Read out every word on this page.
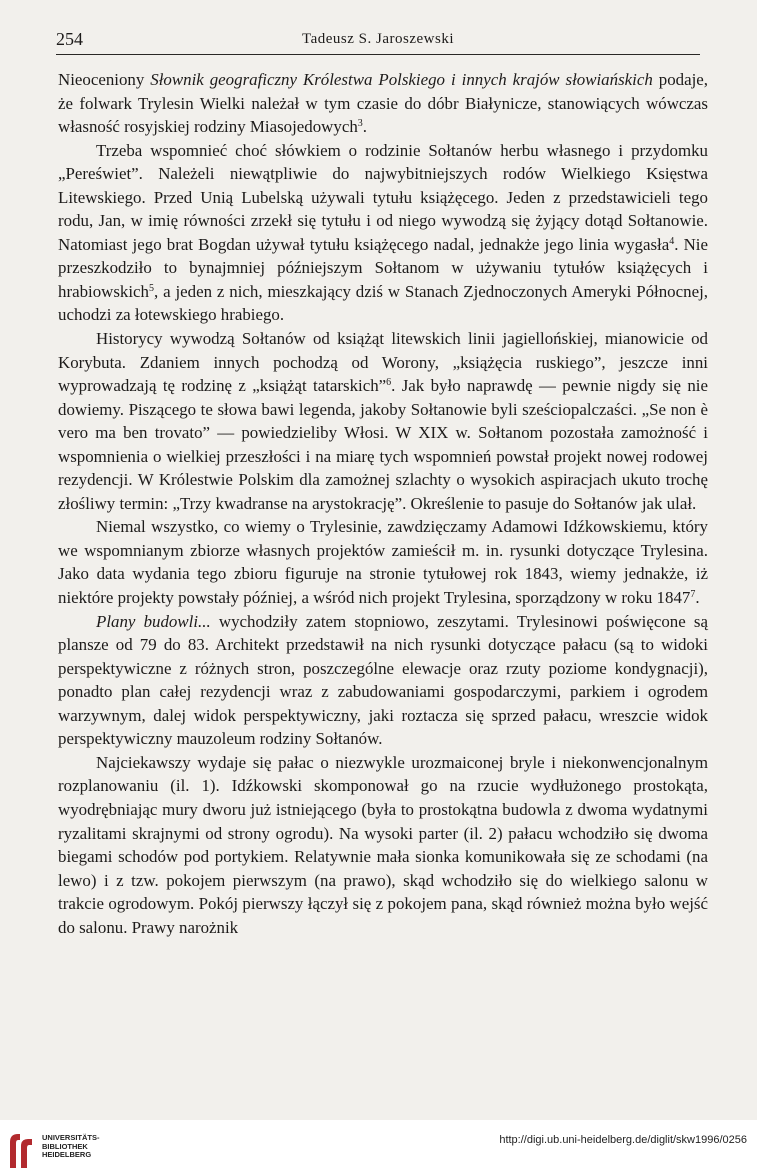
254	Tadeusz S. Jaroszewski

Nieoceniony Słownik geograficzny Królestwa Polskiego i innych krajów słowiańskich podaje, że folwark Trylesin Wielki należał w tym czasie do dóbr Białynicze, stanowiących wówczas własność rosyjskiej rodziny Miasojedowych$^3$.

Trzeba wspomnieć choć słówkiem o rodzinie Sołtanów herbu własnego i przydomku „Pereświet”. Należeli niewątpliwie do najwybitniejszych rodów Wielkiego Księstwa Litewskiego. Przed Unią Lubelską używali tytułu książęcego. Jeden z przedstawicieli tego rodu, Jan, w imię równości zrzekł się tytułu i od niego wywodzą się żyjący dotąd Sołtanowie. Natomiast jego brat Bogdan używał tytułu książęcego nadal, jednakże jego linia wygasła$^4$. Nie przeszkodziło to bynajmniej późniejszym Sołtanom w używaniu tytułów książęcych i hrabiowskich$^5$, a jeden z nich, mieszkający dziś w Stanach Zjednoczonych Ameryki Północnej, uchodzi za łotewskiego hrabiego.

Historycy wywodzą Sołtanów od książąt litewskich linii jagiellońskiej, mianowicie od Korybuta. Zdaniem innych pochodzą od Worony, „książęcia ruskiego”, jeszcze inni wyprowadzają tę rodzinę z „książąt tatarskich”$^6$. Jak było naprawdę — pewnie nigdy się nie dowiemy. Piszącego te słowa bawi legenda, jakoby Sołtanowie byli sześciopalczaści. „Se non è vero ma ben trovato” — powiedzieliby Włosi. W XIX w. Sołtanom pozostała zamożność i wspomnienia o wielkiej przeszłości i na miarę tych wspomnień powstał projekt nowej rodowej rezydencji. W Królestwie Polskim dla zamożnej szlachty o wysokich aspiracjach ukuto trochę złośliwy termin: „Trzy kwadranse na arystokrację”. Określenie to pasuje do Sołtanów jak ulał.

Niemal wszystko, co wiemy o Trylesinie, zawdzięczamy Adamowi Idźkowskiemu, który we wspomnianym zbiorze własnych projektów zamieścił m. in. rysunki dotyczące Trylesina. Jako data wydania tego zbioru figuruje na stronie tytułowej rok 1843, wiemy jednakże, iż niektóre projekty powstały później, a wśród nich projekt Trylesina, sporządzony w roku 1847$^7$.

Plany budowli... wychodziły zatem stopniowo, zeszytami. Trylesinowi poświęcone są plansze od 79 do 83. Architekt przedstawił na nich rysunki dotyczące pałacu (są to widoki perspektywiczne z różnych stron, poszczególne elewacje oraz rzuty poziome kondygnacji), ponadto plan całej rezydencji wraz z zabudowaniami gospodarczymi, parkiem i ogrodem warzywnym, dalej widok perspektywiczny, jaki roztacza się sprzed pałacu, wreszcie widok perspektywiczny mauzoleum rodziny Sołtanów.

Najciekawszy wydaje się pałac o niezwykle urozmaiconej bryle i niekonwencjonalnym rozplanowaniu (il. 1). Idźkowski skomponował go na rzucie wydłużonego prostokąta, wyodrębniając mury dworu już istniejącego (była to prostokątna budowla z dwoma wydatnymi ryzalitami skrajnymi od strony ogrodu). Na wysoki parter (il. 2) pałacu wchodziło się dwoma biegami schodów pod portykiem. Relatywnie mała sionka komunikowała się ze schodami (na lewo) i z tzw. pokojem pierwszym (na prawo), skąd wchodziło się do wielkiego salonu w trakcie ogrodowym. Pokój pierwszy łączył się z pokojem pana, skąd również można było wejść do salonu. Prawy narożnik

UNIVERSITÄTS-
BIBLIOTHEK
HEIDELBERG
http://digi.ub.uni-heidelberg.de/diglit/skw1996/0256
